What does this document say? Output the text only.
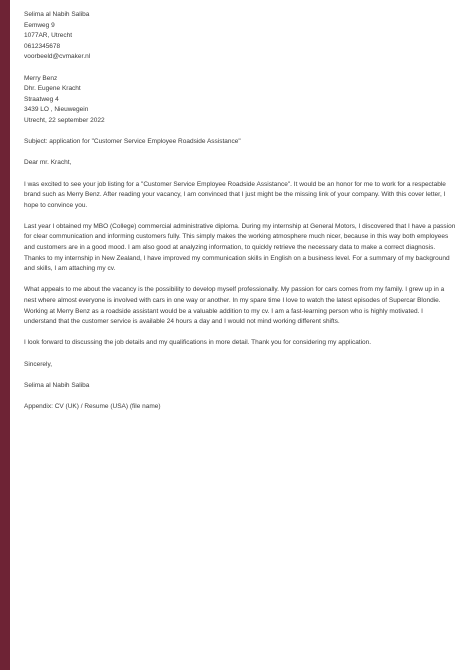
Selima al Nabih Saliba
Eemweg 9
1077AR, Utrecht
0612345678
voorbeeld@cvmaker.nl
Merry Benz
Dhr. Eugene Kracht
Straatweg 4
3439 LO , Nieuwegein
Utrecht, 22 september 2022

Subject: application for "Customer Service Employee Roadside Assistance"

Dear mr. Kracht,

I was excited to see your job listing for a "Customer Service Employee Roadside Assistance". It would be an honor for me to work for a respectable brand such as Merry Benz. After reading your vacancy, I am convinced that I just might be the missing link of your company. With this cover letter, I hope to convince you.

Last year I obtained my MBO (College) commercial administrative diploma. During my internship at General Motors, I discovered that I have a passion for clear communication and informing customers fully. This simply makes the working atmosphere much nicer, because in this way both employees and customers are in a good mood. I am also good at analyzing information, to quickly retrieve the necessary data to make a correct diagnosis. Thanks to my internship in New Zealand, I have improved my communication skills in English on a business level. For a summary of my background and skills, I am attaching my cv.

What appeals to me about the vacancy is the possibility to develop myself professionally. My passion for cars comes from my family. I grew up in a nest where almost everyone is involved with cars in one way or another. In my spare time I love to watch the latest episodes of Supercar Blondie. Working at Merry Benz as a roadside assistant would be a valuable addition to my cv. I am a fast-learning person who is highly motivated. I understand that the customer service is available 24 hours a day and I would not mind working different shifts.

I look forward to discussing the job details and my qualifications in more detail. Thank you for considering my application.

Sincerely,

Selima al Nabih Saliba

Appendix: CV (UK) / Resume (USA) (file name)
